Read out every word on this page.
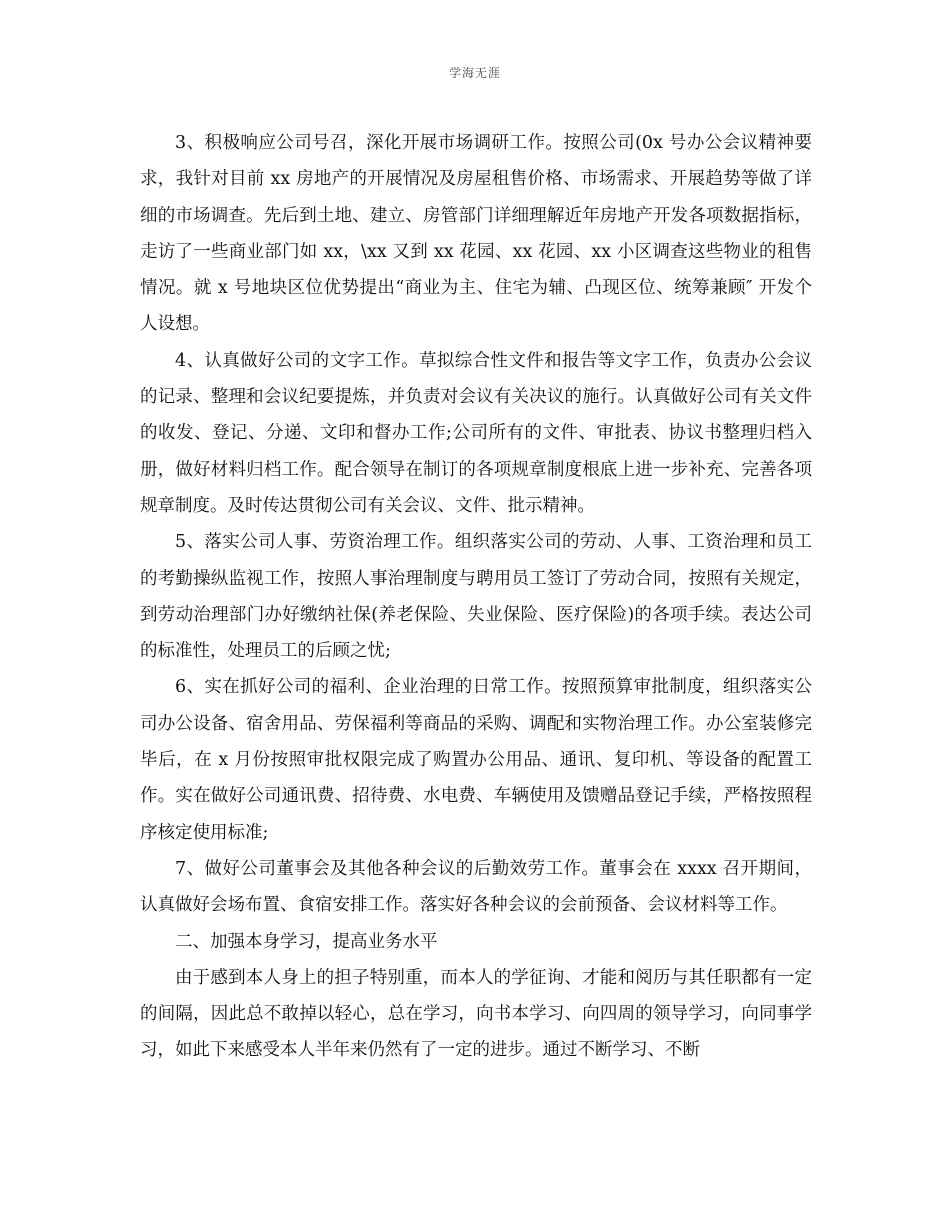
学海无涯

3、积极响应公司号召，深化开展市场调研工作。按照公司(0x 号办公会议精神要求，我针对目前 xx 房地产的开展情况及房屋租售价格、市场需求、开展趋势等做了详细的市场调查。先后到土地、建立、房管部门详细理解近年房地产开发各项数据指标，走访了一些商业部门如 xx，\xx 又到 xx 花园、xx 花园、xx 小区调查这些物业的租售情况。就 x 号地块区位优势提出“商业为主、住宅为辅、凸现区位、统筹兼顾″ 开发个人设想。

4、认真做好公司的文字工作。草拟综合性文件和报告等文字工作，负责办公会议的记录、整理和会议纪要提炼，并负责对会议有关决议的施行。认真做好公司有关文件的收发、登记、分递、文印和督办工作;公司所有的文件、审批表、协议书整理归档入册，做好材料归档工作。配合领导在制订的各项规章制度根底上进一步补充、完善各项规章制度。及时传达贯彻公司有关会议、文件、批示精神。

5、落实公司人事、劳资治理工作。组织落实公司的劳动、人事、工资治理和员工的考勤操纵监视工作，按照人事治理制度与聘用员工签订了劳动合同，按照有关规定，到劳动治理部门办好缴纳社保(养老保险、失业保险、医疗保险)的各项手续。表达公司的标准性，处理员工的后顾之忧;

6、实在抓好公司的福利、企业治理的日常工作。按照预算审批制度，组织落实公司办公设备、宿舍用品、劳保福利等商品的采购、调配和实物治理工作。办公室装修完毕后，在 x 月份按照审批权限完成了购置办公用品、通讯、复印机、等设备的配置工作。实在做好公司通讯费、招待费、水电费、车辆使用及馈赠品登记手续，严格按照程序核定使用标准;

7、做好公司董事会及其他各种会议的后勤效劳工作。董事会在 xxxx 召开期间，认真做好会场布置、食宿安排工作。落实好各种会议的会前预备、会议材料等工作。

二、加强本身学习，提高业务水平

由于感到本人身上的担子特别重，而本人的学征询、才能和阅历与其任职都有一定的间隔，因此总不敢掉以轻心，总在学习，向书本学习、向四周的领导学习，向同事学习，如此下来感受本人半年来仍然有了一定的进步。通过不断学习、不断
